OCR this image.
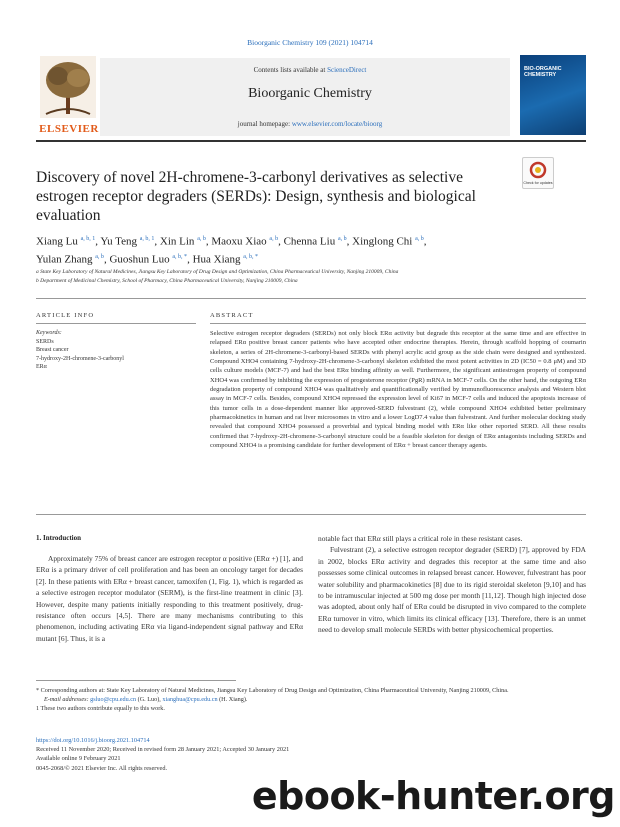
Bioorganic Chemistry 109 (2021) 104714
Contents lists available at ScienceDirect
Bioorganic Chemistry
journal homepage: www.elsevier.com/locate/bioorg
ELSEVIER
BIO-ORGANIC CHEMISTRY
Check for updates
Discovery of novel 2H-chromene-3-carbonyl derivatives as selective estrogen receptor degraders (SERDs): Design, synthesis and biological evaluation
Xiang Lu $^{a, b, 1}$, Yu Teng $^{a, b, 1}$, Xin Lin $^{a, b}$, Maoxu Xiao $^{a, b}$, Chenna Liu $^{a, b}$, Xinglong Chi $^{a, b}$,
Yulan Zhang $^{a, b}$, Guoshun Luo $^{a, b, *}$, Hua Xiang $^{a, b, *}$
a State Key Laboratory of Natural Medicines, Jiangsu Key Laboratory of Drug Design and Optimization, China Pharmaceutical University, Nanjing 210009, China
b Department of Medicinal Chemistry, School of Pharmacy, China Pharmaceutical University, Nanjing 210009, China
ARTICLE INFO	ABSTRACT
Keywords:
SERDs
Breast cancer
7-hydroxy-2H-chromene-3-carbonyl
ERα
Selective estrogen receptor degraders (SERDs) not only block ERα activity but degrade this receptor at the same time and are effective in relapsed ERα positive breast cancer patients who have accepted other endocrine therapies. Herein, through scaffold hopping of coumarin skeleton, a series of 2H-chromene-3-carbonyl-based SERDs with phenyl acrylic acid group as the side chain were designed and synthesized. Compound XHO4 containing 7-hydroxy-2H-chromene-3-carbonyl skeleton exhibited the most potent activities in 2D (IC50 = 0.8 μM) and 3D cells culture models (MCF-7) and had the best ERα binding affinity as well. Furthermore, the significant antiestrogen property of compound XHO4 was confirmed by inhibiting the expression of progesterone receptor (PgR) mRNA in MCF-7 cells. On the other hand, the outgoing ERα degradation property of compound XHO4 was qualitatively and quantificationally verified by immunofluorescence analysis and Western blot assay in MCF-7 cells. Besides, compound XHO4 repressed the expression level of Ki67 in MCF-7 cells and induced the apoptosis increase of this tumor cells in a dose-dependent manner like approved-SERD fulvestrant (2), while compound XHO4 exhibited better preliminary pharmacokinetics in human and rat liver microsomes in vitro and a lower LogD7.4 value than fulvestrant. And further molecular docking study revealed that compound XHO4 possessed a proverbial and typical binding model with ERα like other reported SERD. All these results confirmed that 7-hydroxy-2H-chromene-3-carbonyl structure could be a feasible skeleton for design of ERα antagonists including SERDs and compound XHO4 is a promising candidate for further development of ERα + breast cancer therapy agents.
1. Introduction
Approximately 75% of breast cancer are estrogen receptor α positive (ERα +) [1], and ERα is a primary driver of cell proliferation and has been an oncology target for decades [2]. In these patients with ERα + breast cancer, tamoxifen (1, Fig. 1), which is regarded as a selective estrogen receptor modulator (SERM), is the first-line treatment in clinic [3]. However, despite many patients initially responding to this treatment positively, drug-resistance often occurs [4,5]. There are many mechanisms contributing to this phenomenon, including activating ERα via ligand-independent signal pathway and ERα mutant [6]. Thus, it is a
notable fact that ERα still plays a critical role in these resistant cases.
Fulvestrant (2), a selective estrogen receptor degrader (SERD) [7], approved by FDA in 2002, blocks ERα activity and degrades this receptor at the same time and also possesses some clinical outcomes in relapsed breast cancer. However, fulvestrant has poor water solubility and pharmacokinetics [8] due to its rigid steroidal skeleton [9,10] and has to be intramuscular injected at 500 mg dose per month [11,12]. Though high injected dose was adopted, about only half of ERα could be disrupted in vivo compared to the complete ERα turnover in vitro, which limits its clinical efficacy [13]. Therefore, there is an unmet need to develop small molecule SERDs with better physicochemical properties.
* Corresponding authors at: State Key Laboratory of Natural Medicines, Jiangsu Key Laboratory of Drug Design and Optimization, China Pharmaceutical University, Nanjing 210009, China.
E-mail addresses: gsluo@cpu.edu.cn (G. Luo), xianghua@cpu.edu.cn (H. Xiang).
1 These two authors contribute equally to this work.
https://doi.org/10.1016/j.bioorg.2021.104714
Received 11 November 2020; Received in revised form 28 January 2021; Accepted 30 January 2021
Available online 9 February 2021
0045-2068/© 2021 Elsevier Inc. All rights reserved.
ebook-hunter.org
